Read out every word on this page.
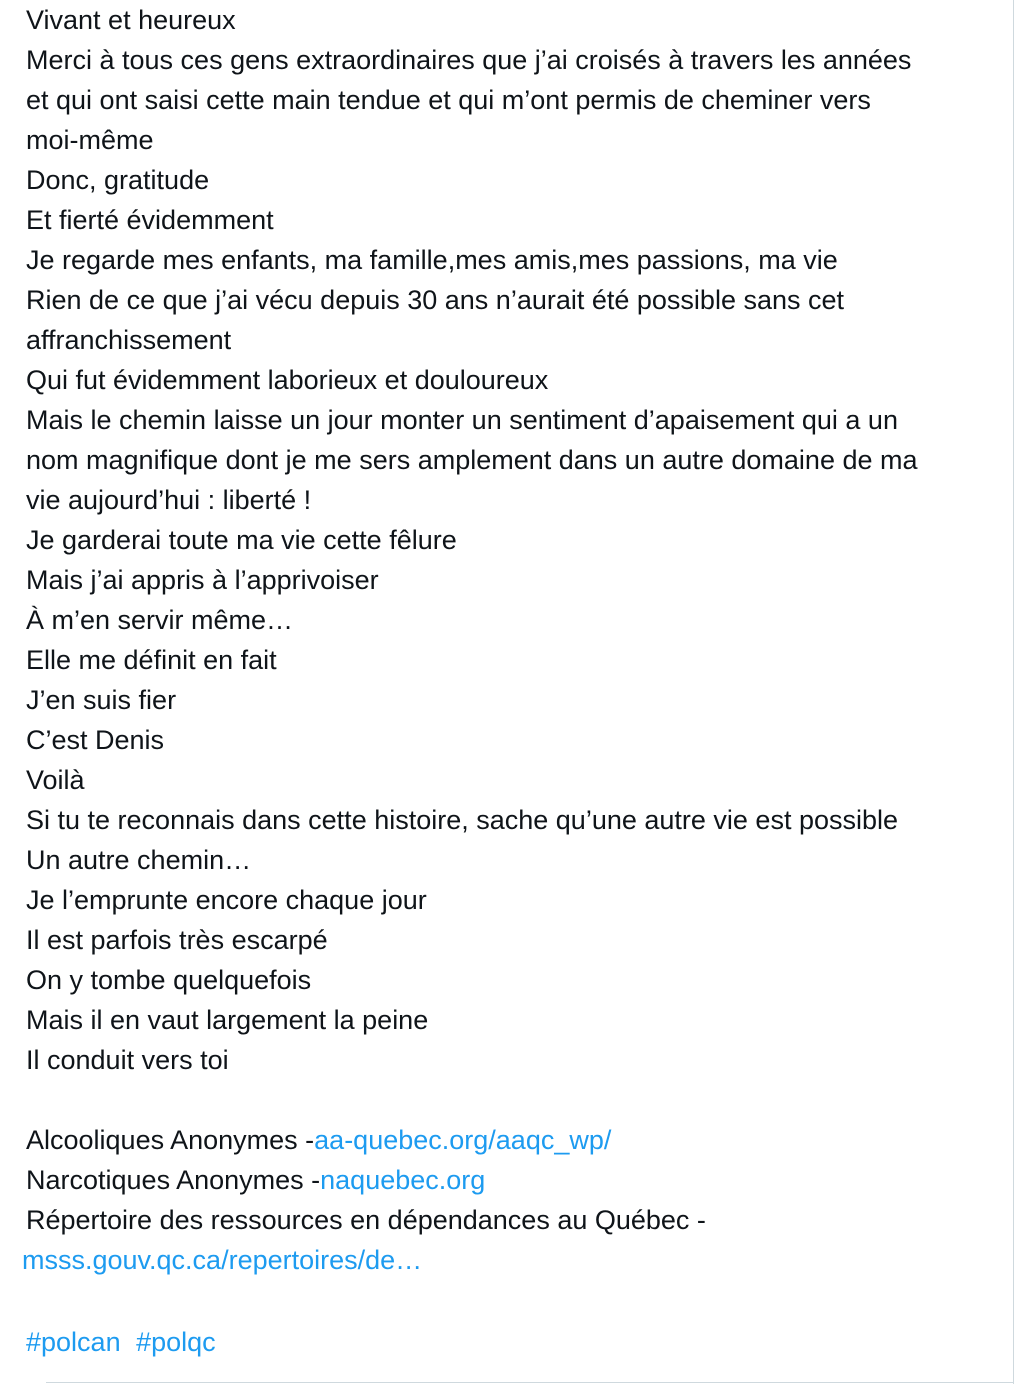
Vivant et heureux
Merci à tous ces gens extraordinaires que j’ai croisés à travers les années
et qui ont saisi cette main tendue et qui m’ont permis de cheminer vers
moi-même
Donc, gratitude
Et fierté évidemment
Je regarde mes enfants, ma famille,mes amis,mes passions, ma vie
Rien de ce que j’ai vécu depuis 30 ans n’aurait été possible sans cet
affranchissement
Qui fut évidemment laborieux et douloureux
Mais le chemin laisse un jour monter un sentiment d’apaisement qui a un
nom magnifique dont je me sers amplement dans un autre domaine de ma
vie aujourd’hui : liberté !
Je garderai toute ma vie cette fêlure
Mais j’ai appris à l’apprivoiser
À m’en servir même…
Elle me définit en fait
J’en suis fier
C’est Denis
Voilà
Si tu te reconnais dans cette histoire, sache qu’une autre vie est possible
Un autre chemin…
Je l’emprunte encore chaque jour
Il est parfois très escarpé
On y tombe quelquefois
Mais il en vaut largement la peine
Il conduit vers toi
Alcooliques Anonymes -aa-quebec.org/aaqc_wp/
Narcotiques Anonymes -naquebec.org
Répertoire des ressources en dépendances au Québec -
msss.gouv.qc.ca/repertoires/de…
#polcan #polqc
